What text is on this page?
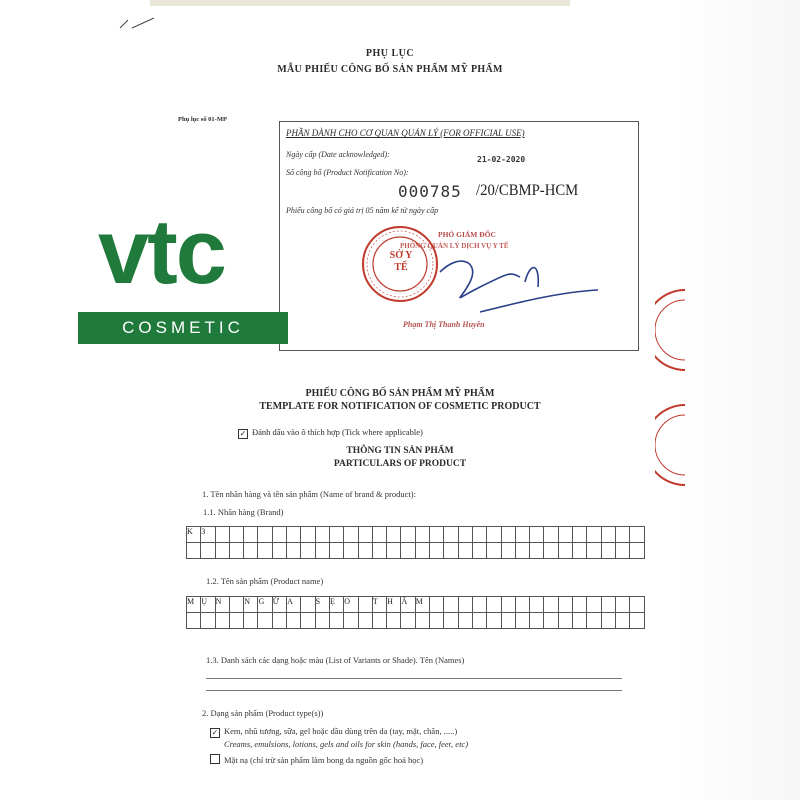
PHỤ LỤC
MẪU PHIẾU CÔNG BỐ SẢN PHẨM MỸ PHẨM
Phụ lục số 01-MP
PHẦN DÀNH CHO CƠ QUAN QUẢN LÝ (FOR OFFICIAL USE)
Ngày cấp (Date acknowledged):
21-02-2020
Số công bố (Product Notification No):
000785 /20/CBMP-HCM
Phiếu công bố có giá trị 05 năm kể từ ngày cấp
PHÓ GIÁM ĐỐC
PHÒNG QUẢN LÝ DỊCH VỤ Y TẾ
SỞ Y TẾ
Phạm Thị Thanh Huyền
vtc
COSMETIC
PHIẾU CÔNG BỐ SẢN PHẨM MỸ PHẨM
TEMPLATE FOR NOTIFICATION OF COSMETIC PRODUCT
✓ Đánh dấu vào ô thích hợp (Tick where applicable)
THÔNG TIN SẢN PHẨM
PARTICULARS OF PRODUCT
1. Tên nhãn hàng và tên sản phẩm (Name of brand & product):
1.1. Nhãn hàng (Brand)
K	3																														

1.2. Tên sản phẩm (Product name)
M	Ụ	N		N	G	Ừ	A		S	Ẹ	O		T	H	Â	M															

1.3. Danh sách các dạng hoặc màu (List of Variants or Shade). Tên (Names)
2. Dạng sản phẩm (Product type(s))
✓ Kem, nhũ tương, sữa, gel hoặc dầu dùng trên da (tay, mặt, chân, .....)
Creams, emulsions, lotions, gels and oils for skin (hands, face, feet, etc)
Mặt nạ (chỉ trừ sản phẩm làm bong da nguồn gốc hoá học)
